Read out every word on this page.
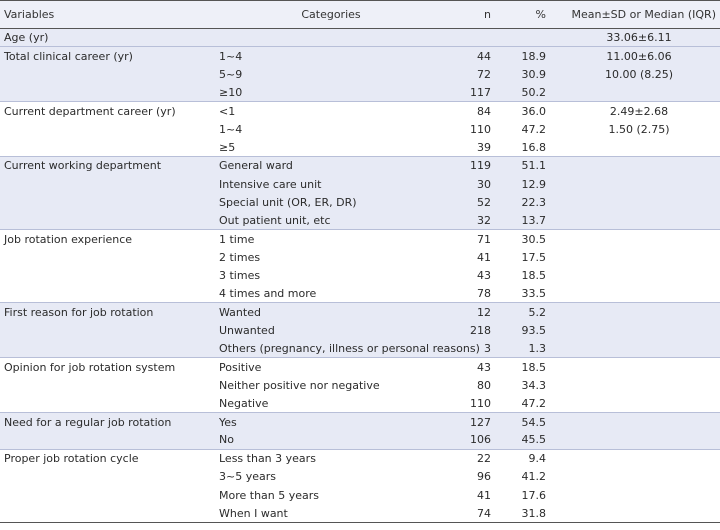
Variables	Categories	n	%	Mean±SD or Median (IQR)
Age (yr)				33.06±6.11
Total clinical career (yr)	1~4	44	18.9	11.00±6.06
	5~9	72	30.9	10.00 (8.25)
	≥10	117	50.2	
Current department career (yr)	<1	84	36.0	2.49±2.68
	1~4	110	47.2	1.50 (2.75)
	≥5	39	16.8	
Current working department	General ward	119	51.1	
	Intensive care unit	30	12.9	
	Special unit (OR, ER, DR)	52	22.3	
	Out patient unit, etc	32	13.7	
Job rotation experience	1 time	71	30.5	
	2 times	41	17.5	
	3 times	43	18.5	
	4 times and more	78	33.5	
First reason for job rotation	Wanted	12	5.2	
	Unwanted	218	93.5	
	Others (pregnancy, illness or personal reasons)	3	1.3	
Opinion for job rotation system	Positive	43	18.5	
	Neither positive nor negative	80	34.3	
	Negative	110	47.2	
Need for a regular job rotation	Yes	127	54.5	
	No	106	45.5	
Proper job rotation cycle	Less than 3 years	22	9.4	
	3~5 years	96	41.2	
	More than 5 years	41	17.6	
	When I want	74	31.8	
